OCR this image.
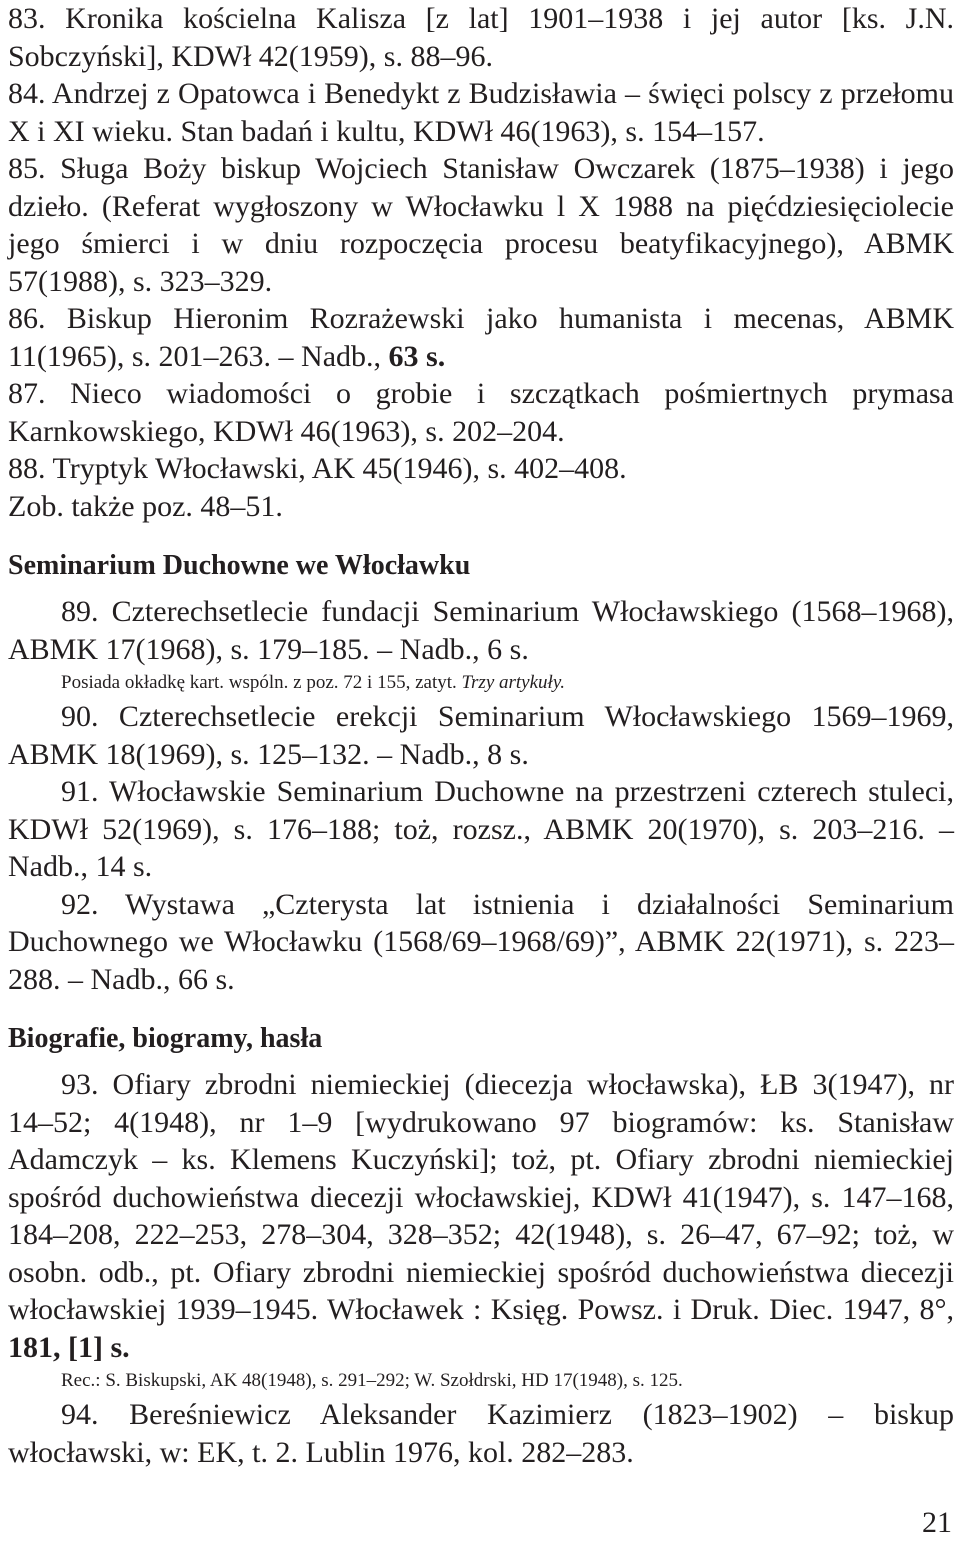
83. Kronika kościelna Kalisza [z lat] 1901–1938 i jej autor [ks. J.N. Sobczyński], KDWł 42(1959), s. 88–96.

84. Andrzej z Opatowca i Benedykt z Budzisławia – święci polscy z przełomu X i XI wieku. Stan badań i kultu, KDWł 46(1963), s. 154–157.

85. Sługa Boży biskup Wojciech Stanisław Owczarek (1875–1938) i jego dzieło. (Referat wygłoszony w Włocławku l X 1988 na pięćdziesięciolecie jego śmierci i w dniu rozpoczęcia procesu beatyfikacyjnego), ABMK 57(1988), s. 323–329.

86. Biskup Hieronim Rozrażewski jako humanista i mecenas, ABMK 11(1965), s. 201–263. – Nadb., 63 s.

87. Nieco wiadomości o grobie i szczątkach pośmiertnych prymasa Karnkowskiego, KDWł 46(1963), s. 202–204.

88. Tryptyk Włocławski, AK 45(1946), s. 402–408.

Zob. także poz. 48–51.

Seminarium Duchowne we Włocławku

89. Czterechsetlecie fundacji Seminarium Włocławskiego (1568–1968), ABMK 17(1968), s. 179–185. – Nadb., 6 s.

Posiada okładkę kart. wspóln. z poz. 72 i 155, zatyt. Trzy artykuły.

90. Czterechsetlecie erekcji Seminarium Włocławskiego 1569–1969, ABMK 18(1969), s. 125–132. – Nadb., 8 s.

91. Włocławskie Seminarium Duchowne na przestrzeni czterech stuleci, KDWł 52(1969), s. 176–188; toż, rozsz., ABMK 20(1970), s. 203–216. – Nadb., 14 s.

92. Wystawa „Czterysta lat istnienia i działalności Seminarium Duchownego we Włocławku (1568/69–1968/69)”, ABMK 22(1971), s. 223–288. – Nadb., 66 s.

Biografie, biogramy, hasła

93. Ofiary zbrodni niemieckiej (diecezja włocławska), ŁB 3(1947), nr 14–52; 4(1948), nr 1–9 [wydrukowano 97 biogramów: ks. Stanisław Adamczyk – ks. Klemens Kuczyński]; toż, pt. Ofiary zbrodni niemieckiej spośród duchowieństwa diecezji włocławskiej, KDWł 41(1947), s. 147–168, 184–208, 222–253, 278–304, 328–352; 42(1948), s. 26–47, 67–92; toż, w osobn. odb., pt. Ofiary zbrodni niemieckiej spośród duchowieństwa diecezji włocławskiej 1939–1945. Włocławek : Księg. Powsz. i Druk. Diec. 1947, 8°, 181, [1] s.

Rec.: S. Biskupski, AK 48(1948), s. 291–292; W. Szołdrski, HD 17(1948), s. 125.

94. Bereśniewicz Aleksander Kazimierz (1823–1902) – biskup włocławski, w: EK, t. 2. Lublin 1976, kol. 282–283.

21
